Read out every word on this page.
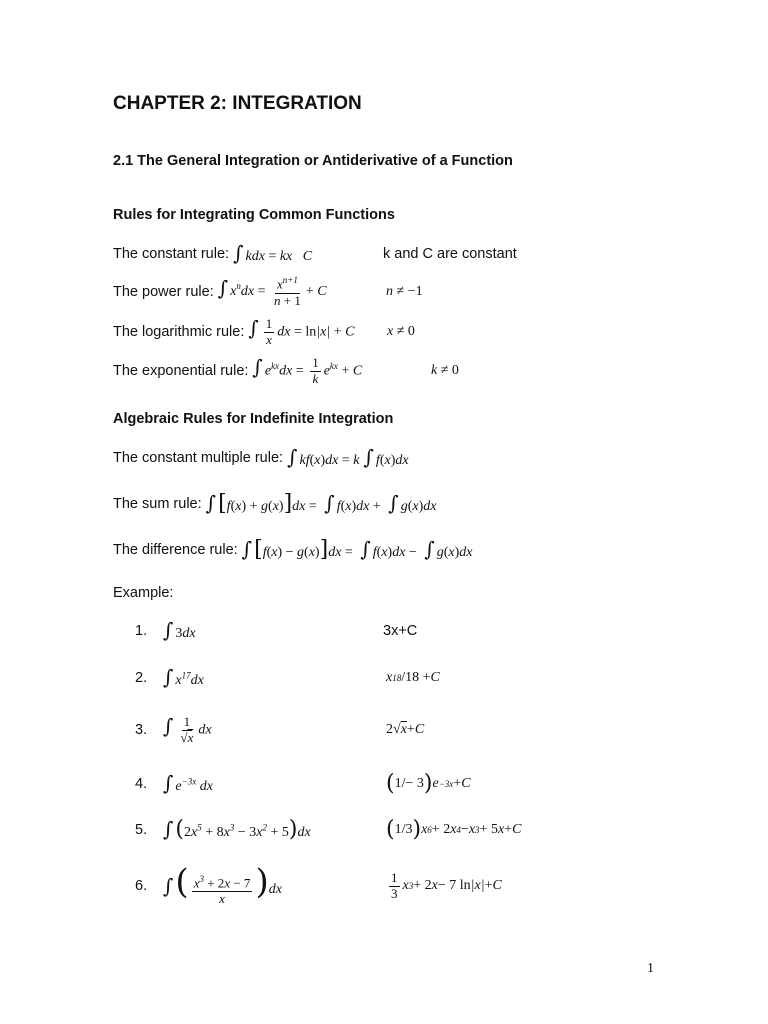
CHAPTER 2: INTEGRATION
2.1 The General Integration or Antiderivative of a Function
Rules for Integrating Common Functions
The constant rule: ∫ kdx = kx   C	k and C are constant
The power rule: ∫ $x^ndx = \frac{x^{n+1}}{n + 1} + C$	n ≠ −1
The logarithmic rule: ∫ $\frac{1}{x}$ dx = ln|x| + C x ≠ 0
The exponential rule: ∫ $e^{kx}dx = \frac{1}{k} e^{kx} + C$	k ≠ 0
Algebraic Rules for Indefinite Integration
The constant multiple rule: ∫ kf(x)dx = k ∫ f(x)dx
The sum rule: ∫[f(x) + g(x)]dx = ∫ f(x)dx + ∫ g(x)dx
The difference rule: ∫[f(x) − g(x)]dx = ∫ f(x)dx − ∫ g(x)dx
Example:
1. ∫ 3dx	3x+C
2. ∫ $x^{17}dx$	x 18 /18 + C
3. ∫ $\frac{1}{√x}$ dx	2√ x + C
4. ∫ $e^{-3x}$ dx	( 1/− 3 ) e −3x + C
5. $\int(2x^5 + 8x^3 - 3x^2 + 5)dx$	( 1/3 ) x 6 + 2 x 4 − x 3 + 5 x + C
6. ∫( $\frac{x^3 + 2x - 7}{x} )dx$	$\frac{1}{3}$ x 3 + 2 x − 7 ln |x| + C
1
